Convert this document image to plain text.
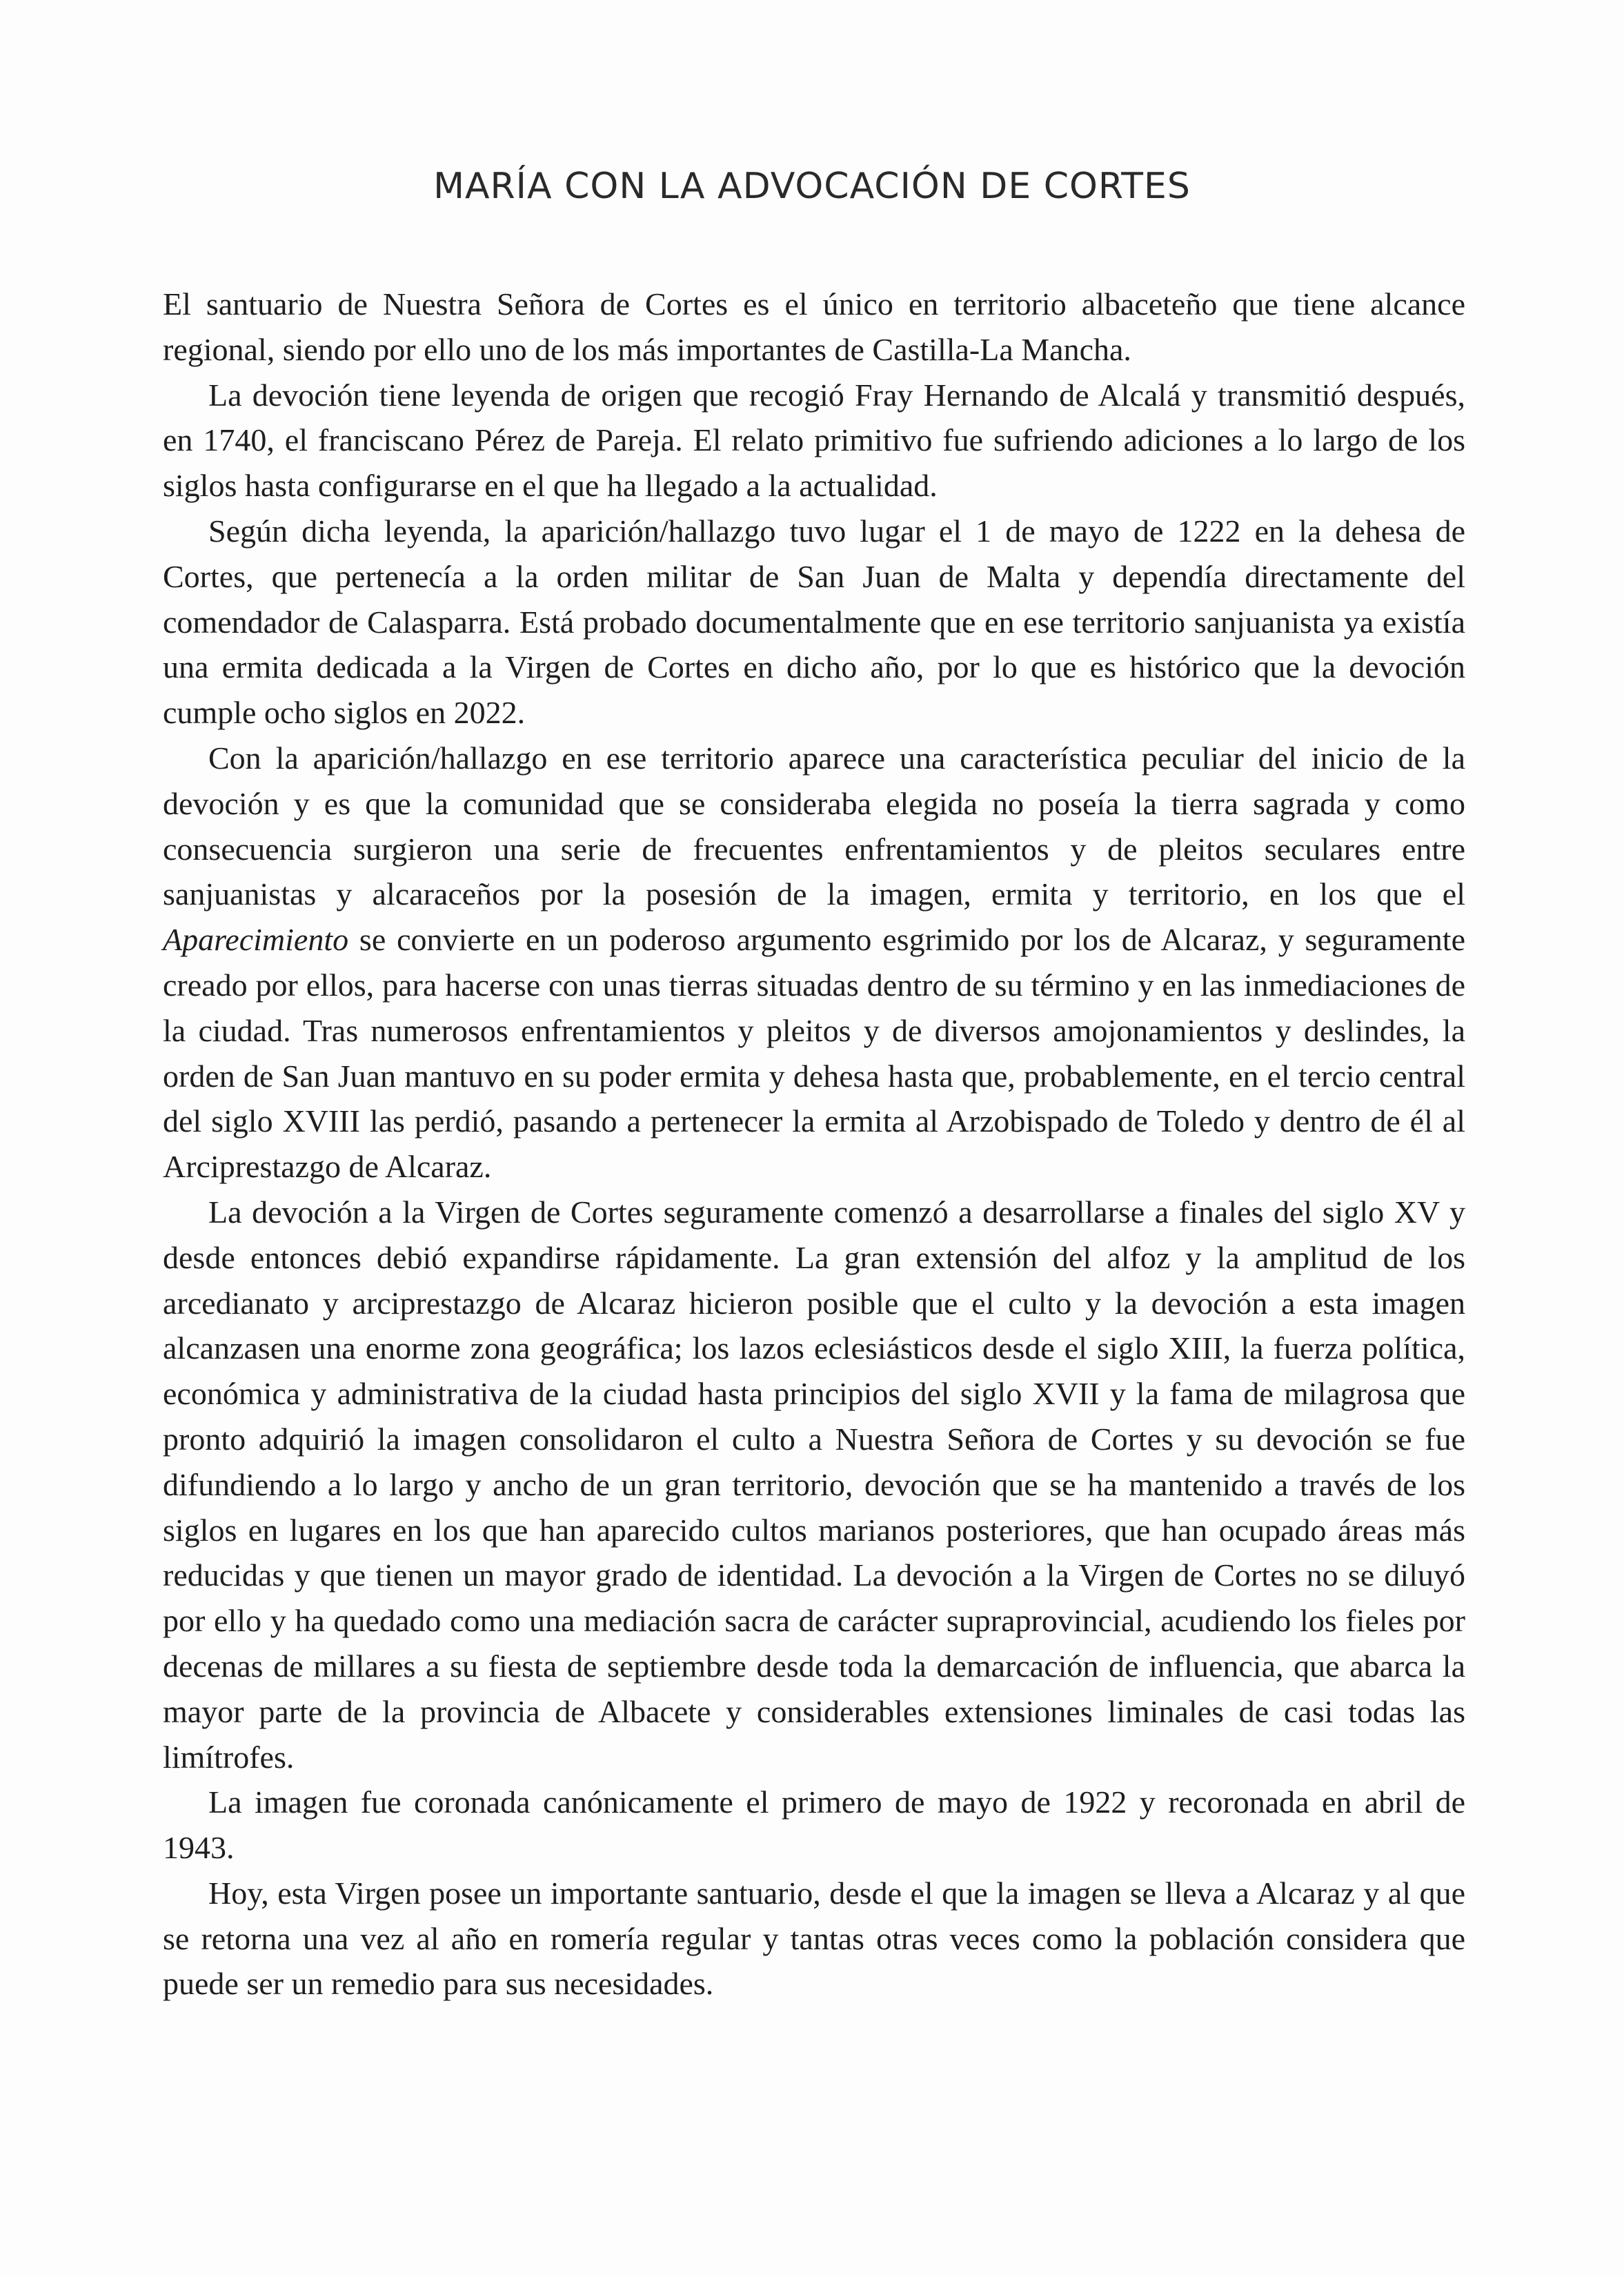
MARÍA CON LA ADVOCACIÓN DE CORTES

El santuario de Nuestra Señora de Cortes es el único en territorio albaceteño que tiene alcance regional, siendo por ello uno de los más importantes de Castilla-La Mancha.

La devoción tiene leyenda de origen que recogió Fray Hernando de Alcalá y transmitió después, en 1740, el franciscano Pérez de Pareja. El relato primitivo fue sufriendo adiciones a lo largo de los siglos hasta configurarse en el que ha llegado a la actualidad.

Según dicha leyenda, la aparición/hallazgo tuvo lugar el 1 de mayo de 1222 en la dehesa de Cortes, que pertenecía a la orden militar de San Juan de Malta y dependía directamente del comendador de Calasparra. Está probado documentalmente que en ese territorio sanjuanista ya existía una ermita dedicada a la Virgen de Cortes en dicho año, por lo que es histórico que la devoción cumple ocho siglos en 2022.

Con la aparición/hallazgo en ese territorio aparece una característica peculiar del inicio de la devoción y es que la comunidad que se consideraba elegida no poseía la tierra sagrada y como consecuencia surgieron una serie de frecuentes enfrentamientos y de pleitos seculares entre sanjuanistas y alcaraceños por la posesión de la imagen, ermita y territorio, en los que el Aparecimiento se convierte en un poderoso argumento esgrimido por los de Alcaraz, y seguramente creado por ellos, para hacerse con unas tierras situadas dentro de su término y en las inmediaciones de la ciudad. Tras numerosos enfrentamientos y pleitos y de diversos amojonamientos y deslindes, la orden de San Juan mantuvo en su poder ermita y dehesa hasta que, probablemente, en el tercio central del siglo XVIII las perdió, pasando a pertenecer la ermita al Arzobispado de Toledo y dentro de él al Arciprestazgo de Alcaraz.

La devoción a la Virgen de Cortes seguramente comenzó a desarrollarse a finales del siglo XV y desde entonces debió expandirse rápidamente. La gran extensión del alfoz y la amplitud de los arcedianato y arciprestazgo de Alcaraz hicieron posible que el culto y la devoción a esta imagen alcanzasen una enorme zona geográfica; los lazos eclesiásticos desde el siglo XIII, la fuerza política, económica y administrativa de la ciudad hasta principios del siglo XVII y la fama de milagrosa que pronto adquirió la imagen consolidaron el culto a Nuestra Señora de Cortes y su devoción se fue difundiendo a lo largo y ancho de un gran territorio, devoción que se ha mantenido a través de los siglos en lugares en los que han aparecido cultos marianos posteriores, que han ocupado áreas más reducidas y que tienen un mayor grado de identidad. La devoción a la Virgen de Cortes no se diluyó por ello y ha quedado como una mediación sacra de carácter supraprovincial, acudiendo los fieles por decenas de millares a su fiesta de septiembre desde toda la demarcación de influencia, que abarca la mayor parte de la provincia de Albacete y considerables extensiones liminales de casi todas las limítrofes.

La imagen fue coronada canónicamente el primero de mayo de 1922 y recoronada en abril de 1943.

Hoy, esta Virgen posee un importante santuario, desde el que la imagen se lleva a Alcaraz y al que se retorna una vez al año en romería regular y tantas otras veces como la población considera que puede ser un remedio para sus necesidades.
